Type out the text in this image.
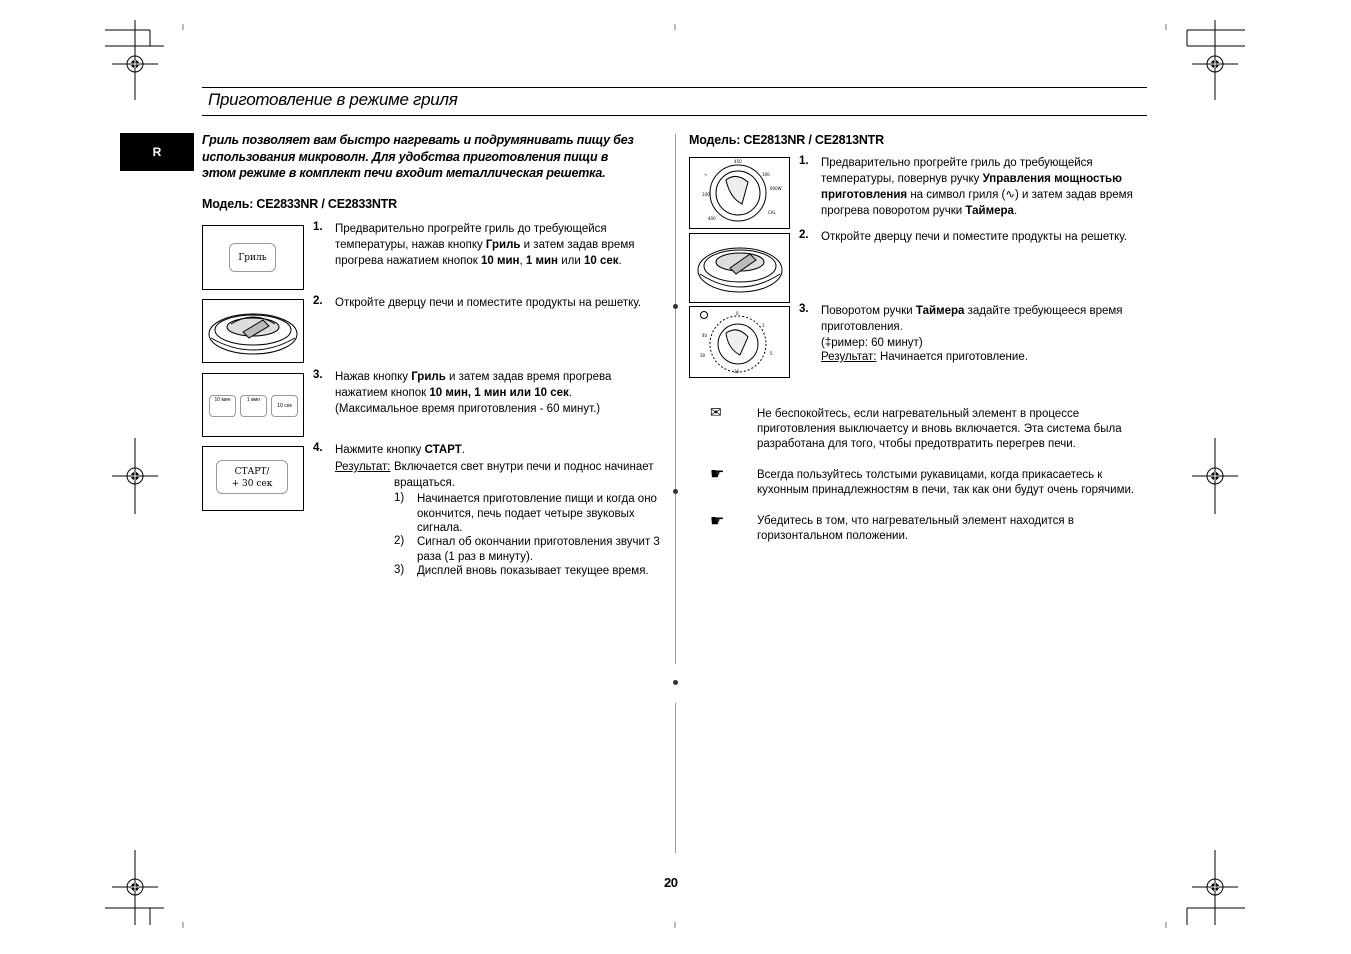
Приготовление в режиме гриля
R
Гриль позволяет вам быстро нагревать и подрумянивать пищу без использования микроволн. Для удобства приготовления пищи в этом режиме в комплект печи входит металлическая решетка.
Модель: CE2833NR / CE2833NTR
Гриль
10 мин	1 мин
10 сек
СТАРТ/
+ 30 сек
1. Предварительно прогрейте гриль до требующейся температуры, нажав кнопку Гриль и затем задав время прогрева нажатием кнопок 10 мин, 1 мин или 10 сек.
2. Откройте дверцу печи и поместите продукты на решетку.
3. Нажав кнопку Гриль и затем задав время прогрева нажатием кнопок 10 мин, 1 мин или 10 сек.
(Максимальное время приготовления - 60 минут.)
4. Нажмите кнопку СТАРТ.
Результат: Включается свет внутри печи и поднос начинает вращаться.
1) Начинается приготовление пищи и когда оно окончится, печь подает четыре звуковых сигнала.
2) Сигнал об окончании приготовления звучит 3 раза (1 раз в минуту).
3) Дисплей вновь показывает текущее время.
Модель: CE2813NR / CE2813NTR
∿
450
100
600W
CAL
100
400
0
1
5
40
30
20
1. Предварительно прогрейте гриль до требующейся температуры, повернув ручку Управления мощностью приготовления на символ гриля (∿) и затем задав время прогрева поворотом ручки Таймера.
2. Откройте дверцу печи и поместите продукты на решетку.
3. Поворотом ручки Таймера задайте требующееся время приготовления.
(‡ример: 60 минут)
Результат: Начинается приготовление.
✉	Не беспокойтесь, если нагревательный элемент в процессе приготовления выключаетсу и вновь включается. Эта система была разработана для того, чтобы предотвратить перегрев печи.
☛	Всегда пользуйтесь толстыми рукавицами, когда прикасаетесь к кухонным принадлежностям в печи, так как они будут очень горячими.
☛	Убедитесь в том, что нагревательный элемент находится в горизонтальном положении.
20
